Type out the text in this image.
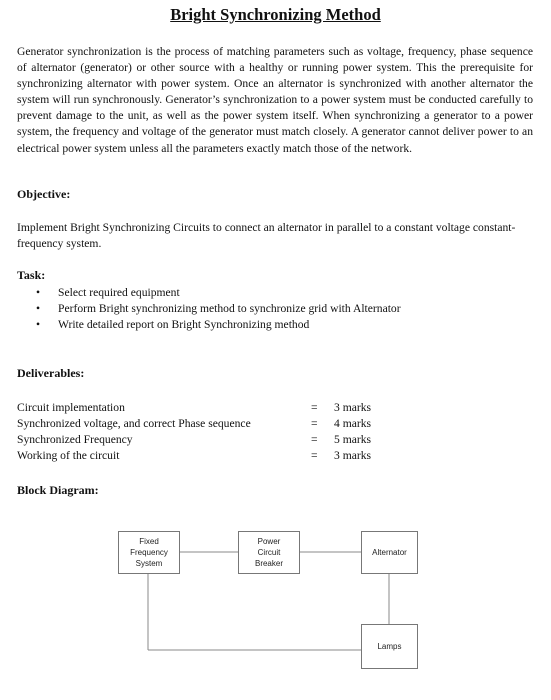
Bright Synchronizing Method
Generator synchronization is the process of matching parameters such as voltage, frequency, phase sequence of alternator (generator) or other source with a healthy or running power system. This the prerequisite for synchronizing alternator with power system. Once an alternator is synchronized with another alternator the system will run synchronously. Generator’s synchronization to a power system must be conducted carefully to prevent damage to the unit, as well as the power system itself. When synchronizing a generator to a power system, the frequency and voltage of the generator must match closely. A generator cannot deliver power to an electrical power system unless all the parameters exactly match those of the network.
Objective:
Implement Bright Synchronizing Circuits to connect an alternator in parallel to a constant voltage constant-frequency system.
Task:
• Select required equipment
• Perform Bright synchronizing method to synchronize grid with Alternator
• Write detailed report on Bright Synchronizing method
Deliverables:
Circuit implementation	= 3 marks
Synchronized voltage, and correct Phase sequence	= 4 marks
Synchronized Frequency	= 5 marks
Working of the circuit	= 3 marks
Block Diagram:
Fixed
Frequency
System
Power
Circuit
Breaker
Alternator
Lamps
